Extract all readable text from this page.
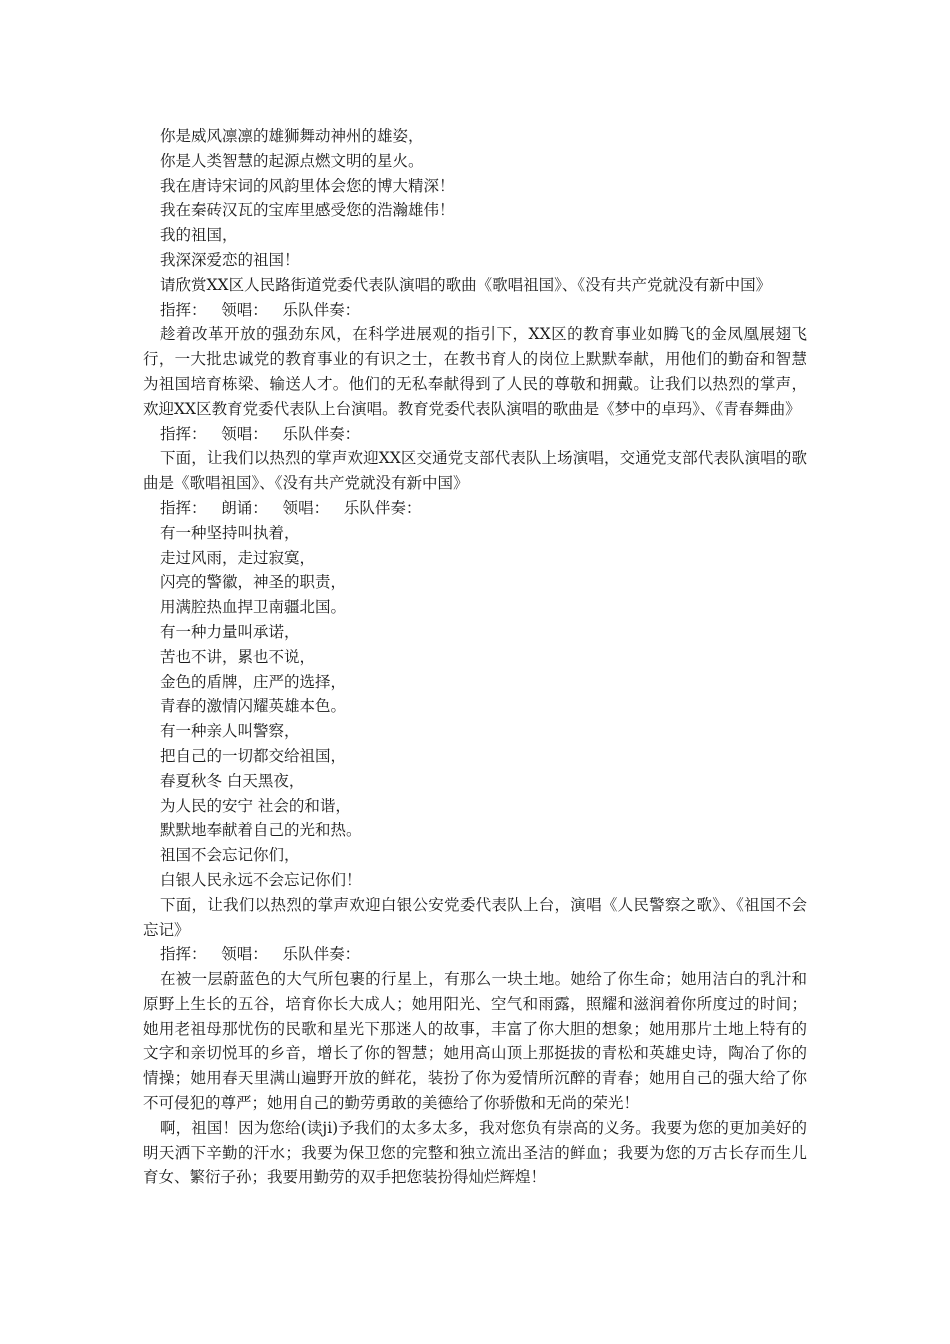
你是威风凛凛的雄狮舞动神州的雄姿，

你是人类智慧的起源点燃文明的星火。

我在唐诗宋词的风韵里体会您的博大精深！

我在秦砖汉瓦的宝库里感受您的浩瀚雄伟！

我的祖国，

我深深爱恋的祖国！

请欣赏XX区人民路街道党委代表队演唱的歌曲《歌唱祖国》、《没有共产党就没有新中国》

指挥：   领唱：   乐队伴奏：

趁着改革开放的强劲东风，在科学进展观的指引下，XX区的教育事业如腾飞的金凤凰展翅飞行，一大批忠诚党的教育事业的有识之士，在教书育人的岗位上默默奉献，用他们的勤奋和智慧为祖国培育栋梁、输送人才。他们的无私奉献得到了人民的尊敬和拥戴。让我们以热烈的掌声，欢迎XX区教育党委代表队上台演唱。教育党委代表队演唱的歌曲是《梦中的卓玛》、《青春舞曲》

指挥：   领唱：   乐队伴奏：

下面，让我们以热烈的掌声欢迎XX区交通党支部代表队上场演唱，交通党支部代表队演唱的歌曲是《歌唱祖国》、《没有共产党就没有新中国》

指挥：   朗诵：   领唱：   乐队伴奏：

有一种坚持叫执着，

走过风雨，走过寂寞，

闪亮的警徽，神圣的职责，

用满腔热血捍卫南疆北国。

有一种力量叫承诺，

苦也不讲，累也不说，

金色的盾牌，庄严的选择，

青春的激情闪耀英雄本色。

有一种亲人叫警察，

把自己的一切都交给祖国，

春夏秋冬 白天黑夜，

为人民的安宁 社会的和谐，

默默地奉献着自己的光和热。

祖国不会忘记你们，

白银人民永远不会忘记你们！

下面，让我们以热烈的掌声欢迎白银公安党委代表队上台，演唱《人民警察之歌》、《祖国不会忘记》

指挥：   领唱：   乐队伴奏：

在被一层蔚蓝色的大气所包裹的行星上，有那么一块土地。她给了你生命；她用洁白的乳汁和原野上生长的五谷，培育你长大成人；她用阳光、空气和雨露，照耀和滋润着你所度过的时间；她用老祖母那忧伤的民歌和星光下那迷人的故事，丰富了你大胆的想象；她用那片土地上特有的文字和亲切悦耳的乡音，增长了你的智慧；她用高山顶上那挺拔的青松和英雄史诗，陶冶了你的情操；她用春天里满山遍野开放的鲜花，装扮了你为爱情所沉醉的青春；她用自己的强大给了你不可侵犯的尊严；她用自己的勤劳勇敢的美德给了你骄傲和无尚的荣光！

啊，祖国！因为您给(读ji)予我们的太多太多，我对您负有崇高的义务。我要为您的更加美好的明天洒下辛勤的汗水；我要为保卫您的完整和独立流出圣洁的鲜血；我要为您的万古长存而生儿育女、繁衍子孙；我要用勤劳的双手把您装扮得灿烂辉煌！
